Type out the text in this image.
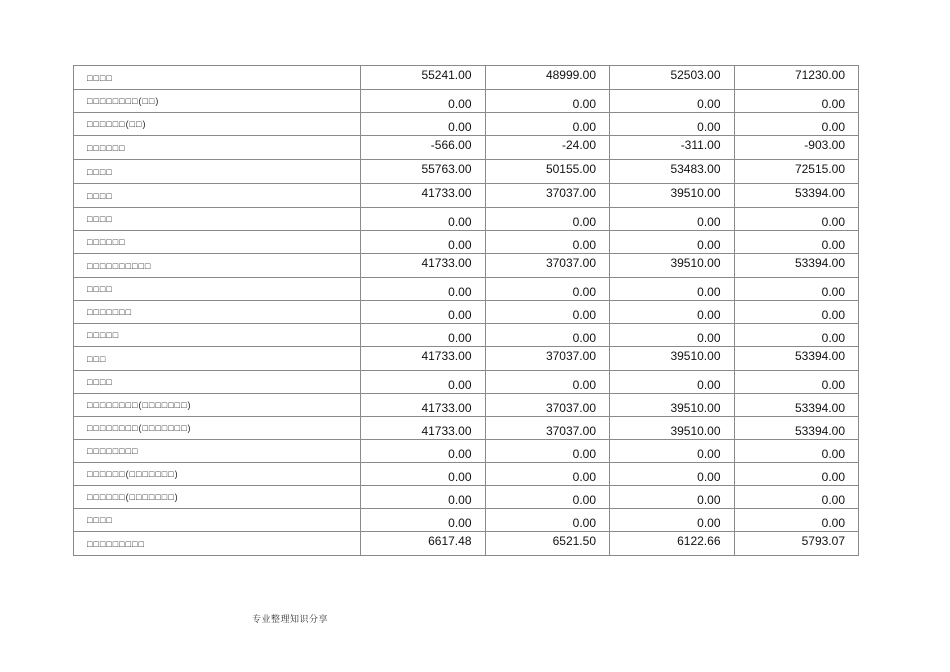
□□□□	55241.00	48999.00	52503.00	71230.00
□□□□□□□□(□□)	0.00	0.00	0.00	0.00
□□□□□□(□□)	0.00	0.00	0.00	0.00
□□□□□□	-566.00	-24.00	-311.00	-903.00
□□□□	55763.00	50155.00	53483.00	72515.00
□□□□	41733.00	37037.00	39510.00	53394.00
□□□□	0.00	0.00	0.00	0.00
□□□□□□	0.00	0.00	0.00	0.00
□□□□□□□□□□	41733.00	37037.00	39510.00	53394.00
□□□□	0.00	0.00	0.00	0.00
□□□□□□□	0.00	0.00	0.00	0.00
□□□□□	0.00	0.00	0.00	0.00
□□□	41733.00	37037.00	39510.00	53394.00
□□□□	0.00	0.00	0.00	0.00
□□□□□□□□(□□□□□□□)	41733.00	37037.00	39510.00	53394.00
□□□□□□□□(□□□□□□□)	41733.00	37037.00	39510.00	53394.00
□□□□□□□□	0.00	0.00	0.00	0.00
□□□□□□(□□□□□□□)	0.00	0.00	0.00	0.00
□□□□□□(□□□□□□□)	0.00	0.00	0.00	0.00
□□□□	0.00	0.00	0.00	0.00
□□□□□□□□□	6617.48	6521.50	6122.66	5793.07
专业整理知识分享
